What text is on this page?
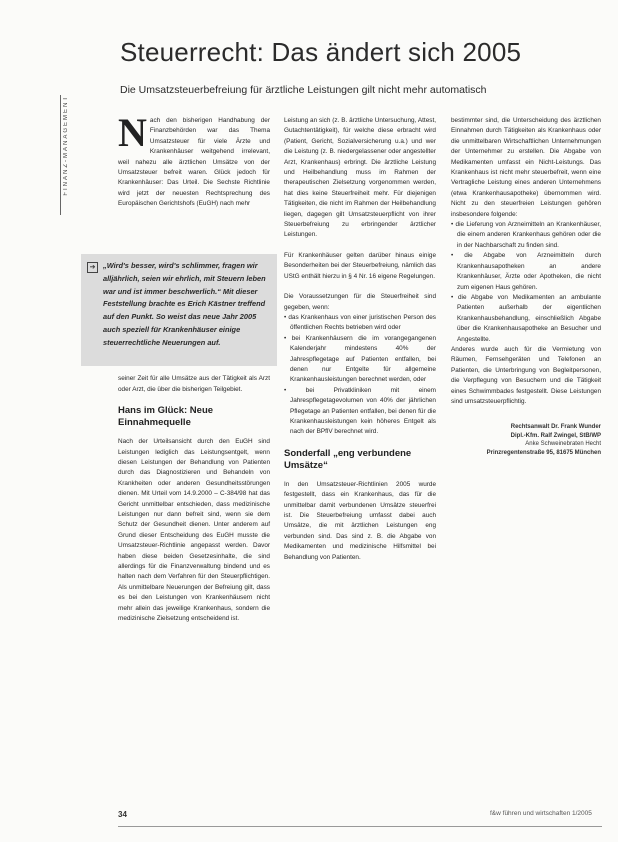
FINANZ-MANAGEMENT
Steuerrecht: Das ändert sich 2005
Die Umsatzsteuerbefreiung für ärztliche Leistungen gilt nicht mehr automatisch

N ach den bisherigen Handhabung der Finanzbehörden war das Thema Umsatzsteuer für viele Ärzte und Krankenhäuser weitgehend irrelevant, weil nahezu alle ärztlichen Umsätze von der Umsatzsteuer befreit waren. Glück jedoch für Krankenhäuser: Das Urteil. Die Sechste Richtlinie wird jetzt der neuesten Rechtsprechung des Europäischen Gerichtshofs (EuGH) nach mehr

➔	„Wird's besser, wird's schlimmer, fragen wir alljährlich, seien wir ehrlich, mit Steuern leben war und ist immer beschwerlich.“ Mit dieser Feststellung brachte es Erich Kästner treffend auf den Punkt. So weist das neue Jahr 2005 auch speziell für Krankenhäuser einige steuerrechtliche Neuerungen auf.

seiner Zeit für alle Umsätze aus der Tätigkeit als Arzt oder Arzt, die über die bisherigen Teilgebiet.

Hans im Glück: Neue Einnahmequelle

Nach der Urteilsansicht durch den EuGH sind Leistungen lediglich das Leistungsentgelt, wenn diesen Leistungen der Behandlung von Patienten durch das Diagnostizieren und Behandeln von Krankheiten oder anderen Gesundheitsstörungen dienen. Mit Urteil vom 14.9.2000 – C-384/98 hat das Gericht unmittelbar entschieden, dass medizinische Leistungen nur dann befreit sind, wenn sie dem Schutz der Gesundheit dienen. Unter anderem auf Grund dieser Entscheidung des EuGH musste die Umsatzsteuer-Richtlinie angepasst werden. Davor haben diese beiden Gesetzesinhalte, die sind allerdings für die Finanzverwaltung bindend und es halten nach dem Verfahren für den Steuerpflichtigen. Als unmittelbare Neuerungen der Befreiung gilt, dass es bei den Leistungen von Krankenhäusern nicht mehr allein das jeweilige Krankenhaus, sondern die medizinische Zielsetzung entscheidend ist.

Leistung an sich (z. B. ärztliche Untersuchung, Attest, Gutachtentätigkeit), für welche diese erbracht wird (Patient, Gericht, Sozialversicherung u.a.) und wer die Leistung (z. B. niedergelassener oder angestellter Arzt, Krankenhaus) erbringt. Die ärztliche Leistung und Heilbehandlung muss im Rahmen der therapeutischen Zielsetzung vorgenommen werden, hat dies keine Steuerfreiheit mehr. Für diejenigen Tätigkeiten, die nicht im Rahmen der Heilbehandlung liegen, dagegen gilt Umsatzsteuerpflicht von ihrer Steuerbefreiung zu erbringender ärztlicher Leistungen.

Für Krankenhäuser gelten darüber hinaus einige Besonderheiten bei der Steuerbefreiung, nämlich das UStG enthält hierzu in § 4 Nr. 16 eigene Regelungen.

Die Voraussetzungen für die Steuerfreiheit sind gegeben, wenn:

• das Krankenhaus von einer juristischen Person des öffentlichen Rechts betrieben wird oder
• bei Krankenhäusern die im vorangegangenen Kalenderjahr mindestens 40% der Jahrespflegetage auf Patienten entfallen, bei denen nur Entgelte für allgemeine Krankenhausleistungen berechnet werden, oder
• bei Privatkliniken mit einem Jahrespflegetagevolumen von 40% der jährlichen Pflegetage an Patienten entfallen, bei denen für die Krankenhausleistungen kein höheres Entgelt als nach der BPflV berechnet wird.
Sonderfall „eng verbundene Umsätze“

In den Umsatzsteuer-Richtlinien 2005 wurde festgestellt, dass ein Krankenhaus, das für die unmittelbar damit verbundenen Umsätze steuerfrei ist. Die Steuerbefreiung umfasst dabei auch Umsätze, die mit ärztlichen Leistungen eng verbunden sind. Das sind z. B. die Abgabe von Medikamenten und medizinische Hilfsmittel bei Behandlung von Patienten.

bestimmter sind, die Unterscheidung des ärztlichen Einnahmen durch Tätigkeiten als Krankenhaus oder die unmittelbaren Wirtschaftlichen Unternehmungen der Unternehmer zu erstellen. Die Abgabe von Medikamenten umfasst ein Nicht-Leistungs. Das Krankenhaus ist nicht mehr steuerbefreit, wenn eine Vertragliche Leistung eines anderen Unternehmens (etwa Krankenhausapotheke) übernommen wird. Nicht zu den steuerfreien Leistungen gehören insbesondere folgende:

• die Lieferung von Arzneimitteln an Krankenhäuser, die einem anderen Krankenhaus gehören oder die in der Nachbarschaft zu finden sind.
• die Abgabe von Arzneimitteln durch Krankenhausapotheken an andere Krankenhäuser, Ärzte oder Apotheken, die nicht zum eigenen Haus gehören.
• die Abgabe von Medikamenten an ambulante Patienten außerhalb der eigentlichen Krankenhausbehandlung, einschließlich Abgabe über die Krankenhausapotheke an Besucher und Angestellte.

Anderes wurde auch für die Vermietung von Räumen, Fernsehgeräten und Telefonen an Patienten, die Unterbringung von Begleitpersonen, die Verpflegung von Besuchern und die Tätigkeit eines Schwimmbades festgestellt. Diese Leistungen sind umsatzsteuerpflichtig.

Rechtsanwalt Dr. Frank Wunder
Dipl.-Kfm. Ralf Zwingel, StB/WP
Anke Schweinebraten Hecht
Prinzregentenstraße 95, 81675 München
34	f&w führen und wirtschaften 1/2005
